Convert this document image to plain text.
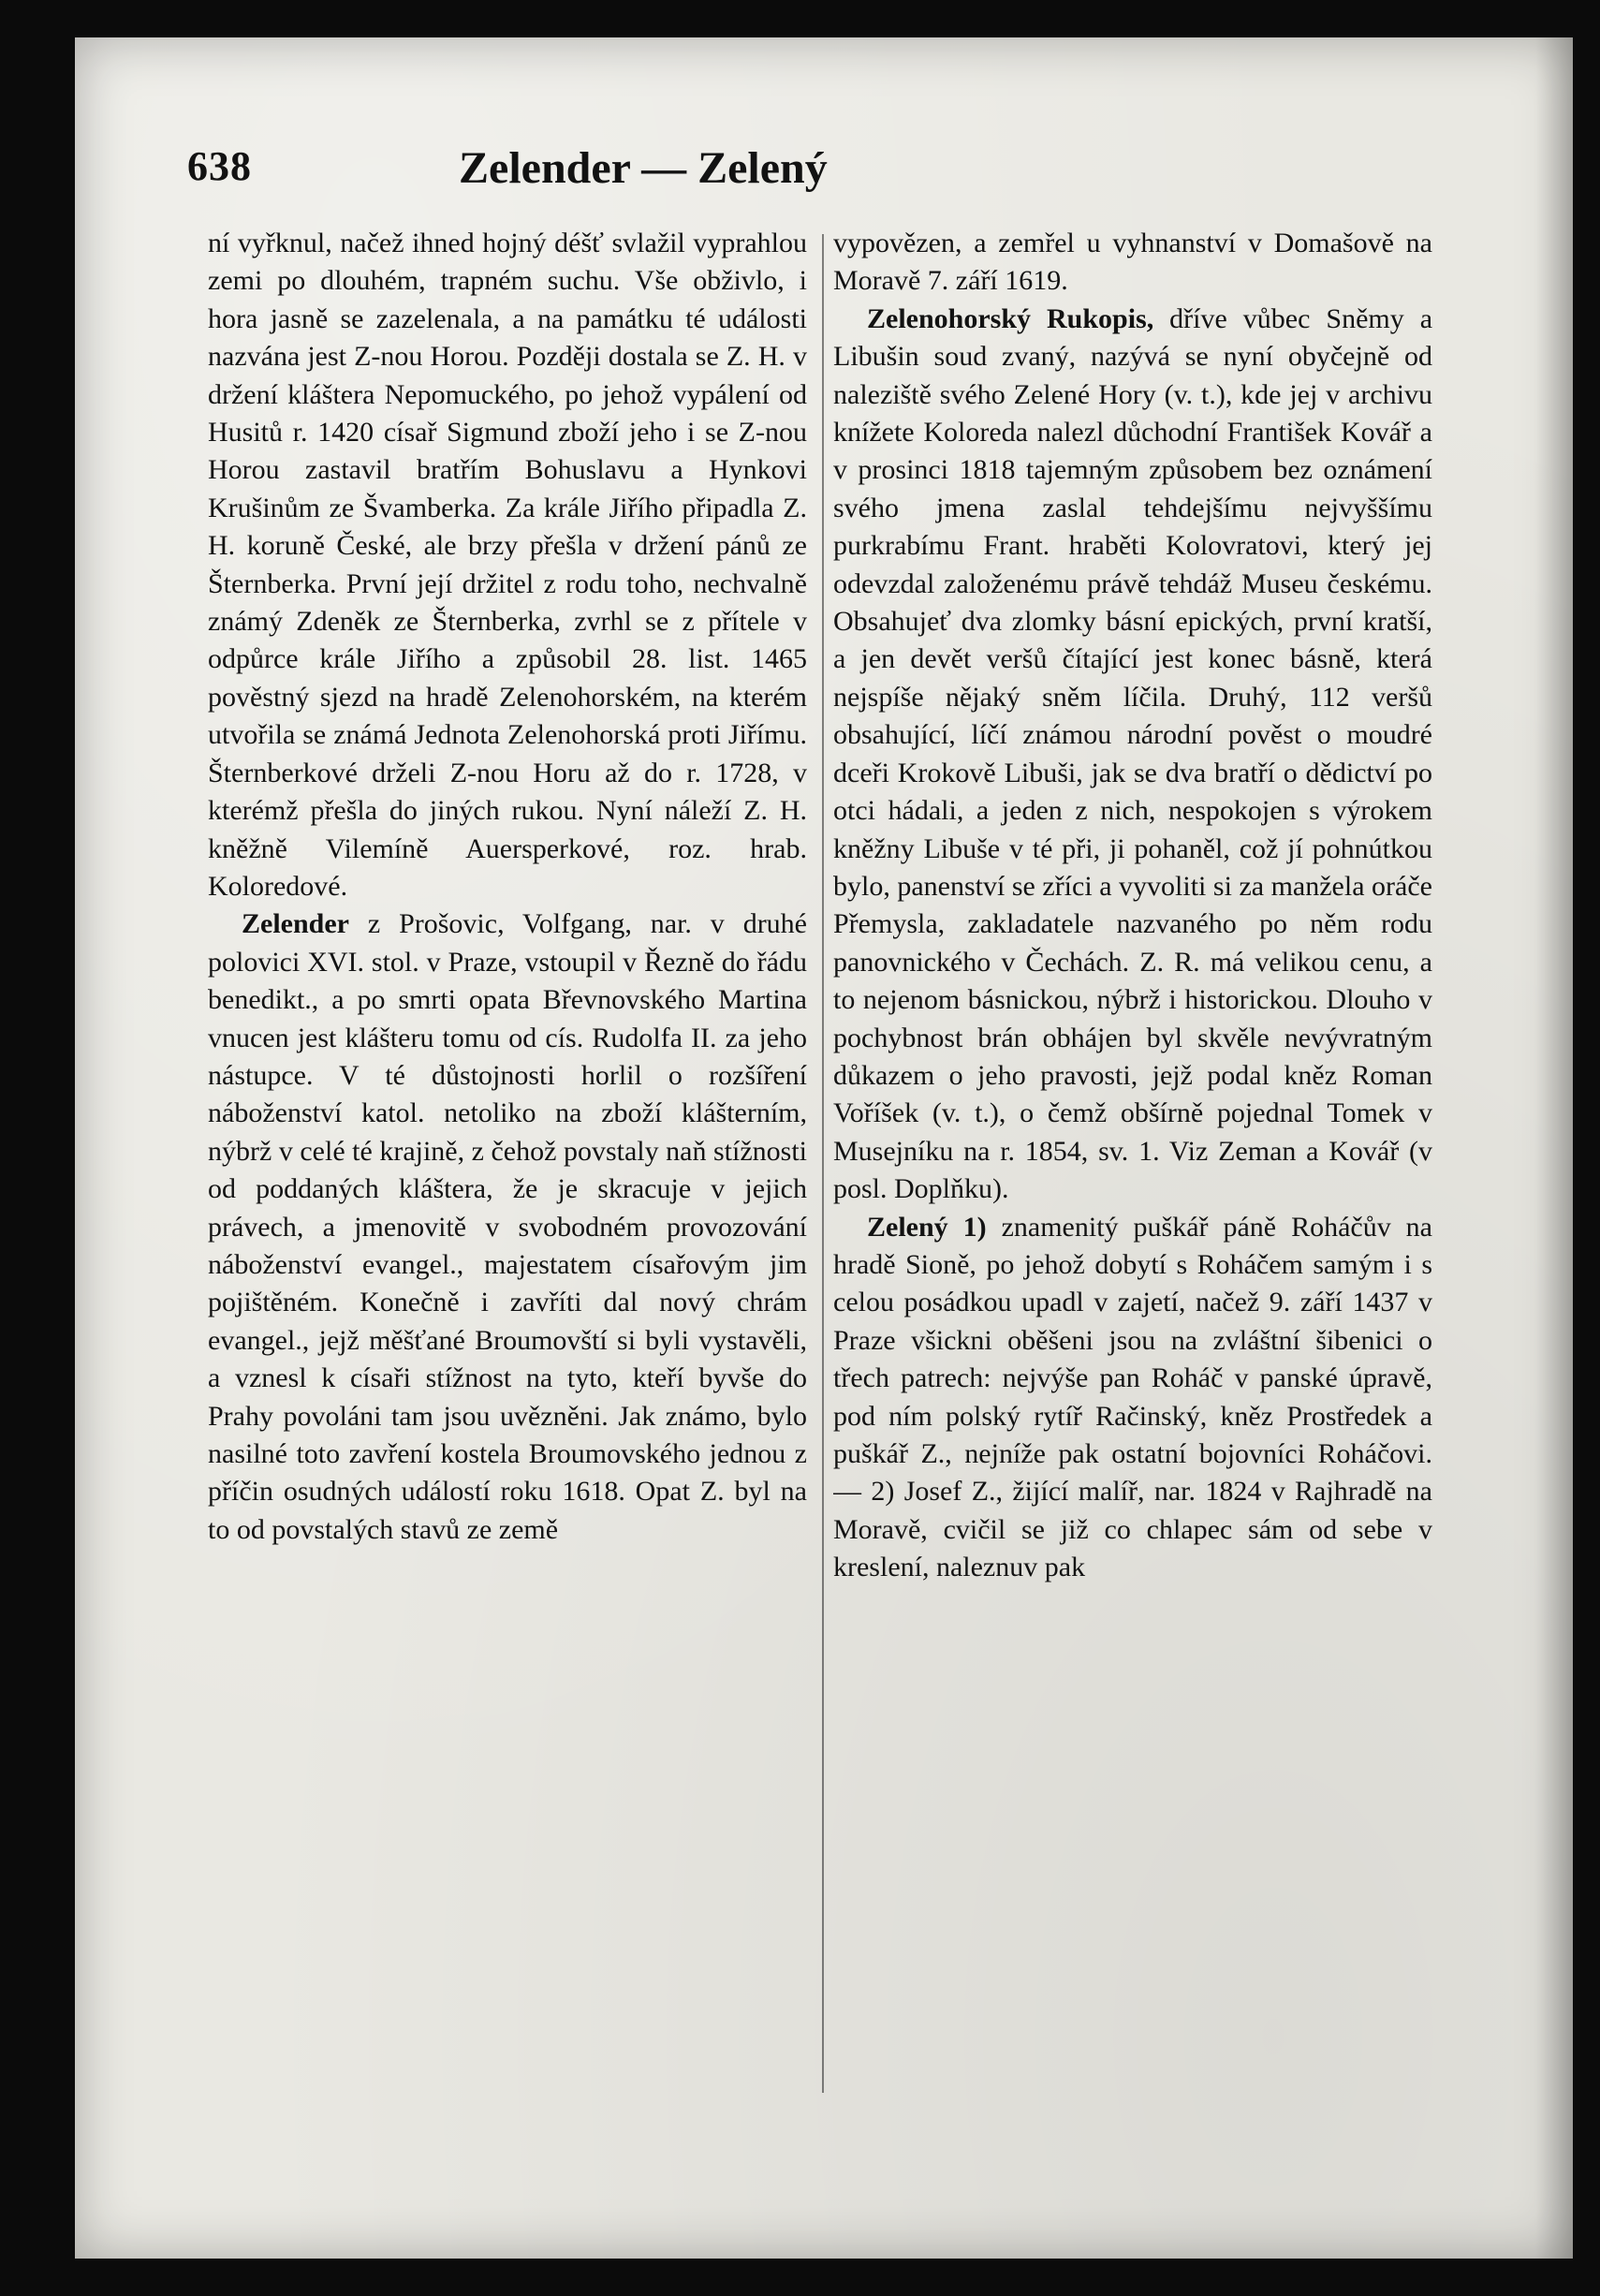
638	Zelender — Zelený

ní vyřknul, načež ihned hojný déšť svlažil vyprahlou zemi po dlouhém, trapném suchu. Vše obživlo, i hora jasně se zazelenala, a na památku té události nazvána jest Z-nou Horou. Později dostala se Z. H. v držení kláštera Nepomuckého, po jehož vypálení od Husitů r. 1420 císař Sigmund zboží jeho i se Z-nou Horou zastavil bratřím Bohuslavu a Hynkovi Krušinům ze Švamberka. Za krále Jiřího připadla Z. H. koruně České, ale brzy přešla v držení pánů ze Šternberka. První její držitel z rodu toho, nechvalně známý Zdeněk ze Šternberka, zvrhl se z přítele v odpůrce krále Jiřího a způsobil 28. list. 1465 pověstný sjezd na hradě Zelenohorském, na kterém utvořila se známá Jednota Zelenohorská proti Jiřímu. Šternberkové drželi Z-nou Horu až do r. 1728, v kterémž přešla do jiných rukou. Nyní náleží Z. H. kněžně Vilemíně Auersperkové, roz. hrab. Koloredové.

Zelender z Prošovic, Volfgang, nar. v druhé polovici XVI. stol. v Praze, vstoupil v Řezně do řádu benedikt., a po smrti opata Břevnovského Martina vnucen jest klášteru tomu od cís. Rudolfa II. za jeho nástupce. V té důstojnosti horlil o rozšíření náboženství katol. netoliko na zboží klášterním, nýbrž v celé té krajině, z čehož povstaly naň stížnosti od poddaných kláštera, že je skracuje v jejich právech, a jmenovitě v svobodném provozování náboženství evangel., majestatem císařovým jim pojištěném. Konečně i zavříti dal nový chrám evangel., jejž měšťané Broumovští si byli vystavěli, a vznesl k císaři stížnost na tyto, kteří byvše do Prahy povoláni tam jsou uvězněni. Jak známo, bylo nasilné toto zavření kostela Broumovského jednou z příčin osudných událostí roku 1618. Opat Z. byl na to od povstalých stavů ze země

vypovězen, a zemřel u vyhnanství v Domašově na Moravě 7. září 1619.

Zelenohorský Rukopis, dříve vůbec Sněmy a Libušin soud zvaný, nazývá se nyní obyčejně od naleziště svého Zelené Hory (v. t.), kde jej v archivu knížete Koloreda nalezl důchodní František Kovář a v prosinci 1818 tajemným způsobem bez oznámení svého jmena zaslal tehdejšímu nejvyššímu purkrabímu Frant. hraběti Kolovratovi, který jej odevzdal založenému právě tehdáž Museu českému. Obsahujeť dva zlomky básní epických, první kratší, a jen devět veršů čítající jest konec básně, která nejspíše nějaký sněm líčila. Druhý, 112 veršů obsahující, líčí známou národní pověst o moudré dceři Krokově Libuši, jak se dva bratří o dědictví po otci hádali, a jeden z nich, nespokojen s výrokem kněžny Libuše v té při, ji pohaněl, což jí pohnútkou bylo, panenství se zříci a vyvoliti si za manžela oráče Přemysla, zakladatele nazvaného po něm rodu panovnického v Čechách. Z. R. má velikou cenu, a to nejenom básnickou, nýbrž i historickou. Dlouho v pochybnost brán obhájen byl skvěle nevývratným důkazem o jeho pravosti, jejž podal kněz Roman Voříšek (v. t.), o čemž obšírně pojednal Tomek v Musejníku na r. 1854, sv. 1. Viz Zeman a Kovář (v posl. Doplňku).

Zelený 1) znamenitý puškář páně Roháčův na hradě Sioně, po jehož dobytí s Roháčem samým i s celou posádkou upadl v zajetí, načež 9. září 1437 v Praze všickni oběšeni jsou na zvláštní šibenici o třech patrech: nejvýše pan Roháč v panské úpravě, pod ním polský rytíř Račinský, kněz Prostředek a puškář Z., nejníže pak ostatní bojovníci Roháčovi. — 2) Josef Z., žijící malíř, nar. 1824 v Rajhradě na Moravě, cvičil se již co chlapec sám od sebe v kreslení, naleznuv pak
